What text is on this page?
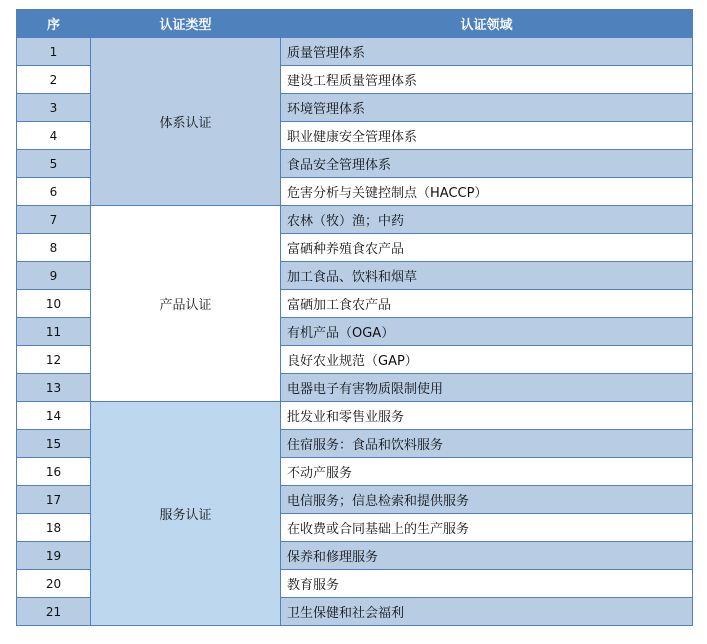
序	认证类型	认证领域
1	体系认证	质量管理体系
2		建设工程质量管理体系
3		环境管理体系
4		职业健康安全管理体系
5		食品安全管理体系
6		危害分析与关键控制点（HACCP）
7	产品认证	农林（牧）渔；中药
8		富硒种养殖食农产品
9		加工食品、饮料和烟草
10		富硒加工食农产品
11		有机产品（OGA）
12		良好农业规范（GAP）
13		电器电子有害物质限制使用
14	服务认证	批发业和零售业服务
15		住宿服务：食品和饮料服务
16		不动产服务
17		电信服务；信息检索和提供服务
18		在收费或合同基础上的生产服务
19		保养和修理服务
20		教育服务
21		卫生保健和社会福利
